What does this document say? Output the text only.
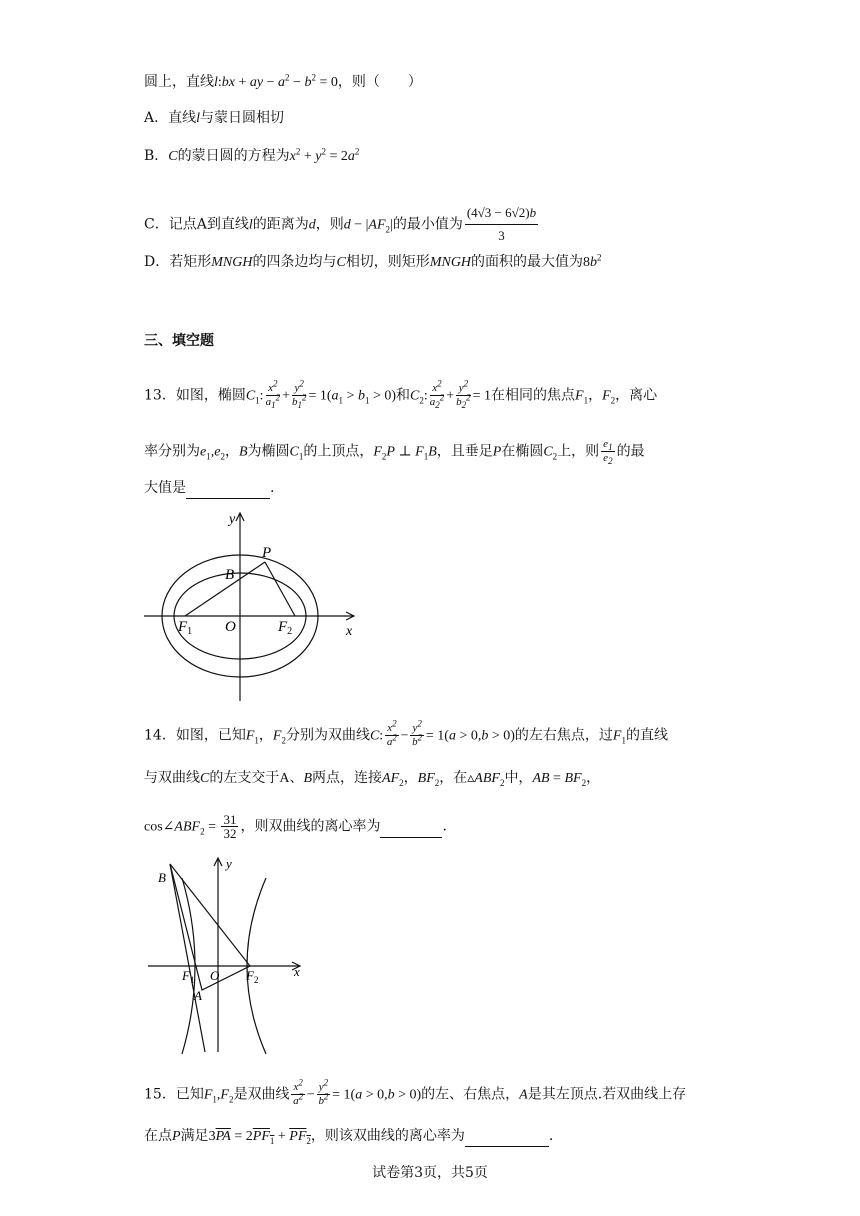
圆上，直线l:bx + ay − $a^2 - b^2 = 0$，则（　　）
A．直线l与蒙日圆相切
B．C的蒙日圆的方程为$x^2 + y^2 = 2a^2$
C．记点A到直线l的距离为d，则$d - |AF_2|$的最小值为 $\frac{(4√3 - 6√2)b}{3}$
D．若矩形MNGH的四条边均与C相切，则矩形MNGH的面积的最大值为$8b^2$
三、填空题
13．如图，椭圆$C_1$: $\frac{x^2}{a_1^2} + \frac{y^2}{b_1^2} = 1(a_1 > b_1 > 0)$和$C_2$: $\frac{x^2}{a_2^2} + \frac{y^2}{b_2^2} = 1$在相同的焦点$F_1$，$F_2$，离心
率分别为$e_1,e_2$，B为椭圆$C_1$的上顶点，$F_2P$ ⊥ $F_1B$，且垂足P在椭圆$C_2$上，则 $\frac{e_1}{e_2}$ 的最
大值是	.
y
x
P
B
O
$F_1$	$F_2$
14．如图，已知$F_1$，$F_2$分别为双曲线C: $\frac{x^2}{a^2} - \frac{y^2}{b^2} = 1(a > 0,b > 0)$的左右焦点，过$F_1$的直线
与双曲线C的左支交于A、B两点，连接$AF_2$，$BF_2$，在$▵ABF_2$中，AB = $BF_2$，
$\cos\angle ABF_2 = \frac{31}{32}$ ，则双曲线的离心率为	.
y
x
B
A
O
$F_1$	$F_2$
15．已知$F_1,F_2$是双曲线 $\frac{x^2}{a^2} - \frac{y^2}{b^2} = 1(a > 0,b > 0)$的左、右焦点，A是其左顶点.若双曲线上存
在点P满足$3\overline{PA} = 2PF_1 + PF_2$，则该双曲线的离心率为	.
试卷第3页，共5页
